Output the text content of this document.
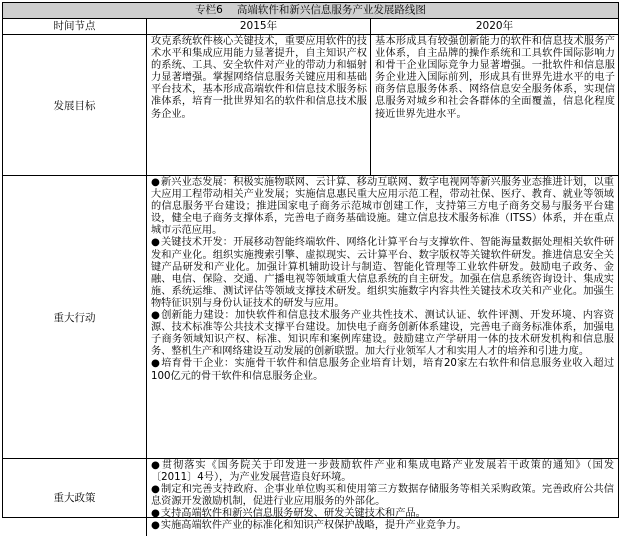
专栏6 高端软件和新兴信息服务产业发展路线图
时间节点	2015年	2020年
发展目标
攻克系统软件核心关键技术，重要应用软件的技术水平和集成应用能力显著提升，自主知识产权的系统、工具、安全软件对产业的带动力和辐射力显著增强。掌握网络信息服务关键应用和基础平台技术，基本形成高端软件和信息技术服务标准体系，培育一批世界知名的软件和信息技术服务企业。
基本形成具有较强创新能力的软件和信息技术服务产业体系，自主品牌的操作系统和工具软件国际影响力和骨干企业国际竞争力显著增强。一批软件和信息服务企业进入国际前列，形成具有世界先进水平的电子商务信息服务体系、网络信息安全服务体系，实现信息服务对城乡和社会各群体的全面覆盖，信息化程度接近世界先进水平。
重大行动

●新兴业态发展：积极实施物联网、云计算、移动互联网、数字电视网等新兴服务业态推进计划，以重大应用工程带动相关产业发展；实施信息惠民重大应用示范工程，带动社保、医疗、教育、就业等领域的信息服务平台建设；推进国家电子商务示范城市创建工作，支持第三方电子商务交易与服务平台建设，健全电子商务支撑体系，完善电子商务基础设施。建立信息技术服务标准（ITSS）体系，并在重点城市示范应用。

●关键技术开发：开展移动智能终端软件、网络化计算平台与支撑软件、智能海量数据处理相关软件研发和产业化。组织实施搜索引擎、虚拟现实、云计算平台、数字版权等关键软件研发。推进信息安全关键产品研发和产业化。加强计算机辅助设计与制造、智能化管理等工业软件研发。鼓励电子政务、金融、电信、保险、交通、广播电视等领域重大信息系统的自主研发。加强在信息系统咨询设计、集成实施、系统运维、测试评估等领域支撑技术研发。组织实施数字内容共性关键技术攻关和产业化。加强生物特征识别与身份认证技术的研发与应用。

●创新能力建设：加快软件和信息技术服务产业共性技术、测试认证、软件评测、开发环境、内容资源、技术标准等公共技术支撑平台建设。加快电子商务创新体系建设，完善电子商务标准体系，加强电子商务领域知识产权、标准、知识库和案例库建设。鼓励建立产学研用一体的技术研发机构和信息服务、整机生产和网络建设互动发展的创新联盟。加大行业领军人才和实用人才的培养和引进力度。

●培育骨干企业：实施骨干软件和信息服务企业培育计划，培育20家左右软件和信息服务业收入超过100亿元的骨干软件和信息服务企业。

重大政策

●贯彻落实《国务院关于印发进一步鼓励软件产业和集成电路产业发展若干政策的通知》（国发〔2011〕4号），为产业发展营造良好环境。

●制定和完善支持政府、企事业单位购买和使用第三方数据存储服务等相关采购政策。完善政府公共信息资源开发激励机制，促进行业应用服务的外部化。

●支持高端软件和新兴信息服务研发、研发关键技术和产品。

●实施高端软件产业的标准化和知识产权保护战略，提升产业竞争力。
